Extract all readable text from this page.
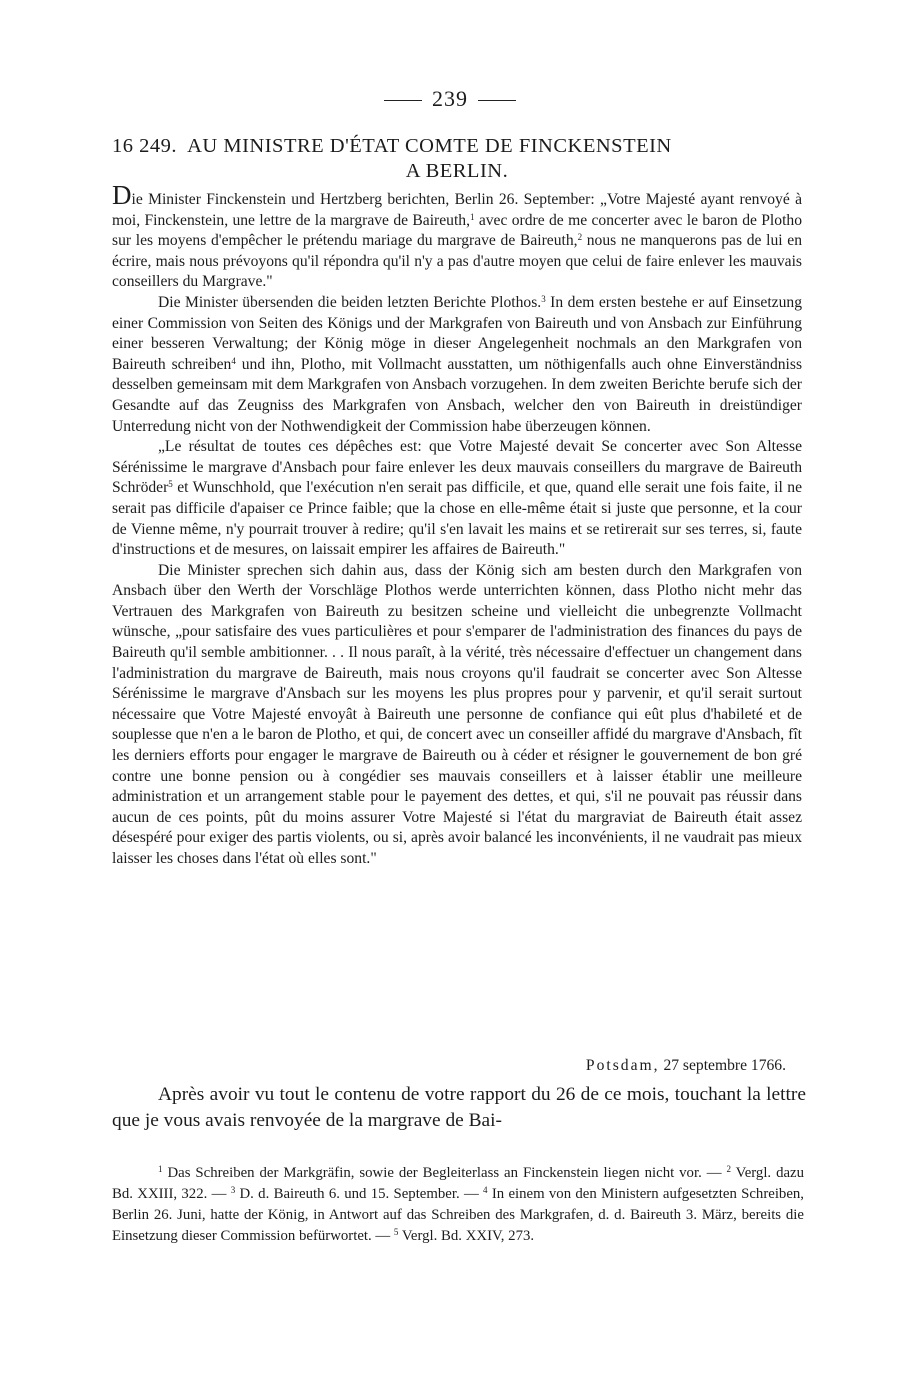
239
16 249. AU MINISTRE D'ÉTAT COMTE DE FINCKENSTEIN
A BERLIN.

Die Minister Finckenstein und Hertzberg berichten, Berlin 26. September: „Votre Majesté ayant renvoyé à moi, Finckenstein, une lettre de la margrave de Baireuth,$^1$ avec ordre de me concerter avec le baron de Plotho sur les moyens d'empêcher le prétendu mariage du margrave de Baireuth,$^2$ nous ne manquerons pas de lui en écrire, mais nous prévoyons qu'il répondra qu'il n'y a pas d'autre moyen que celui de faire enlever les mauvais conseillers du Margrave."

Die Minister übersenden die beiden letzten Berichte Plothos.$^3$ In dem ersten bestehe er auf Einsetzung einer Commission von Seiten des Königs und der Markgrafen von Baireuth und von Ansbach zur Einführung einer besseren Verwaltung; der König möge in dieser Angelegenheit nochmals an den Markgrafen von Baireuth schreiben$^4$ und ihn, Plotho, mit Vollmacht ausstatten, um nöthigenfalls auch ohne Einverständniss desselben gemeinsam mit dem Markgrafen von Ansbach vorzugehen. In dem zweiten Berichte berufe sich der Gesandte auf das Zeugniss des Markgrafen von Ansbach, welcher den von Baireuth in dreistündiger Unterredung nicht von der Nothwendigkeit der Commission habe überzeugen können.

„Le résultat de toutes ces dépêches est: que Votre Majesté devait Se concerter avec Son Altesse Sérénissime le margrave d'Ansbach pour faire enlever les deux mauvais conseillers du margrave de Baireuth Schröder$^5$ et Wunschhold, que l'exécution n'en serait pas difficile, et que, quand elle serait une fois faite, il ne serait pas difficile d'apaiser ce Prince faible; que la chose en elle-même était si juste que personne, et la cour de Vienne même, n'y pourrait trouver à redire; qu'il s'en lavait les mains et se retirerait sur ses terres, si, faute d'instructions et de mesures, on laissait empirer les affaires de Baireuth."

Die Minister sprechen sich dahin aus, dass der König sich am besten durch den Markgrafen von Ansbach über den Werth der Vorschläge Plothos werde unterrichten können, dass Plotho nicht mehr das Vertrauen des Markgrafen von Baireuth zu besitzen scheine und vielleicht die unbegrenzte Vollmacht wünsche, „pour satisfaire des vues particulières et pour s'emparer de l'administration des finances du pays de Baireuth qu'il semble ambitionner. . . Il nous paraît, à la vérité, très nécessaire d'effectuer un changement dans l'administration du margrave de Baireuth, mais nous croyons qu'il faudrait se concerter avec Son Altesse Sérénissime le margrave d'Ansbach sur les moyens les plus propres pour y parvenir, et qu'il serait surtout nécessaire que Votre Majesté envoyât à Baireuth une personne de confiance qui eût plus d'habileté et de souplesse que n'en a le baron de Plotho, et qui, de concert avec un conseiller affidé du margrave d'Ansbach, fît les derniers efforts pour engager le margrave de Baireuth ou à céder et résigner le gouvernement de bon gré contre une bonne pension ou à congédier ses mauvais conseillers et à laisser établir une meilleure administration et un arrangement stable pour le payement des dettes, et qui, s'il ne pouvait pas réussir dans aucun de ces points, pût du moins assurer Votre Majesté si l'état du margraviat de Baireuth était assez désespéré pour exiger des partis violents, ou si, après avoir balancé les inconvénients, il ne vaudrait pas mieux laisser les choses dans l'état où elles sont."

Potsdam, 27 septembre 1766.

Après avoir vu tout le contenu de votre rapport du 26 de ce mois, touchant la lettre que je vous avais renvoyée de la margrave de Bai-

$^1$ Das Schreiben der Markgräfin, sowie der Begleiterlass an Finckenstein liegen nicht vor. — $^2$ Vergl. dazu Bd. XXIII, 322. — $^3$ D. d. Baireuth 6. und 15. September. — $^4$ In einem von den Ministern aufgesetzten Schreiben, Berlin 26. Juni, hatte der König, in Antwort auf das Schreiben des Markgrafen, d. d. Baireuth 3. März, bereits die Einsetzung dieser Commission befürwortet. — $^5$ Vergl. Bd. XXIV, 273.
